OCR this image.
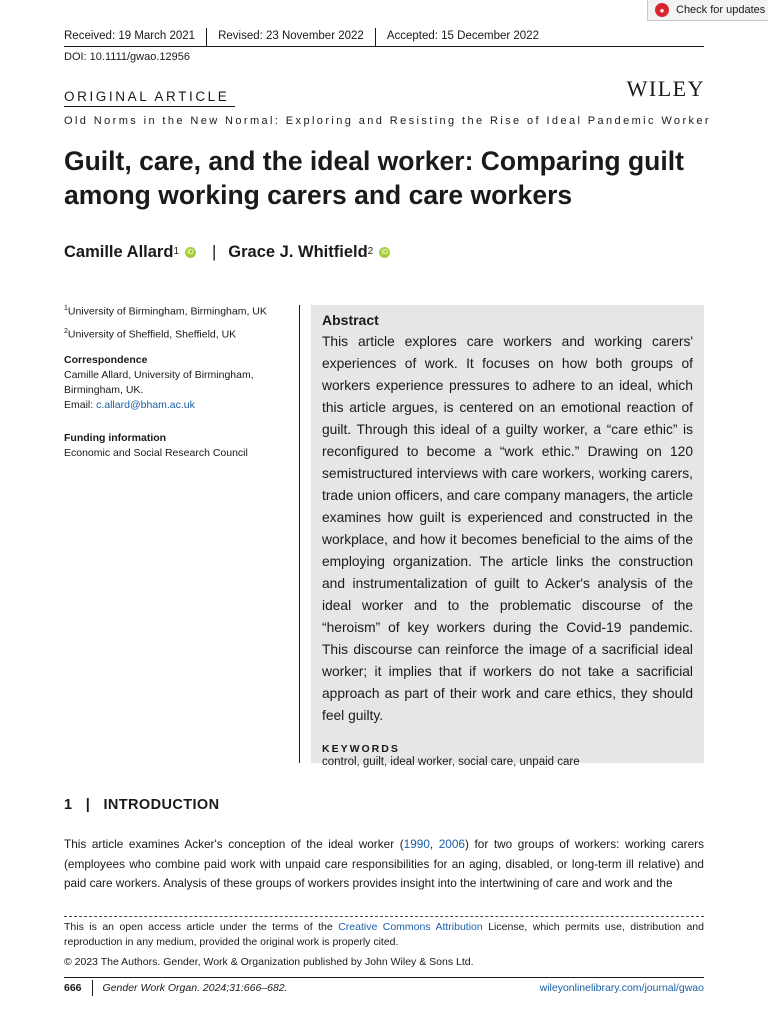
Received: 19 March 2021	Revised: 23 November 2022	Accepted: 15 December 2022
DOI: 10.1111/gwao.12956
●	Check for updates
ORIGINAL ARTICLE	WILEY
Old Norms in the New Normal: Exploring and Resisting the Rise of Ideal Pandemic Worker
Guilt, care, and the ideal worker: Comparing guilt among working carers and care workers
Camille Allard$^1$	iD | Grace J. Whitfield$^2$	iD
$^1$University of Birmingham, Birmingham, UK
$^2$University of Sheffield, Sheffield, UK
Correspondence
Camille Allard, University of Birmingham, Birmingham, UK.
Email: c.allard@bham.ac.uk
Funding information
Economic and Social Research Council
Abstract
This article explores care workers and working carers' experiences of work. It focuses on how both groups of workers experience pressures to adhere to an ideal, which this article argues, is centered on an emotional reaction of guilt. Through this ideal of a guilty worker, a “care ethic” is reconfigured to become a “work ethic.” Drawing on 120 semistructured interviews with care workers, working carers, trade union officers, and care company managers, the article examines how guilt is experienced and constructed in the workplace, and how it becomes beneficial to the aims of the employing organization. The article links the construction and instrumentalization of guilt to Acker's analysis of the ideal worker and to the problematic discourse of the “heroism” of key workers during the Covid-19 pandemic. This discourse can reinforce the image of a sacrificial ideal worker; it implies that if workers do not take a sacrificial approach as part of their work and care ethics, they should feel guilty.
KEYWORDS
control, guilt, ideal worker, social care, unpaid care
1   |   INTRODUCTION
This article examines Acker's conception of the ideal worker (1990, 2006) for two groups of workers: working carers (employees who combine paid work with unpaid care responsibilities for an aging, disabled, or long-term ill relative) and paid care workers. Analysis of these groups of workers provides insight into the intertwining of care and work and the
This is an open access article under the terms of the Creative Commons Attribution License, which permits use, distribution and reproduction in any medium, provided the original work is properly cited.
© 2023 The Authors. Gender, Work & Organization published by John Wiley & Sons Ltd.
666	Gender Work Organ. 2024;31:666–682.	wileyonlinelibrary.com/journal/gwao
